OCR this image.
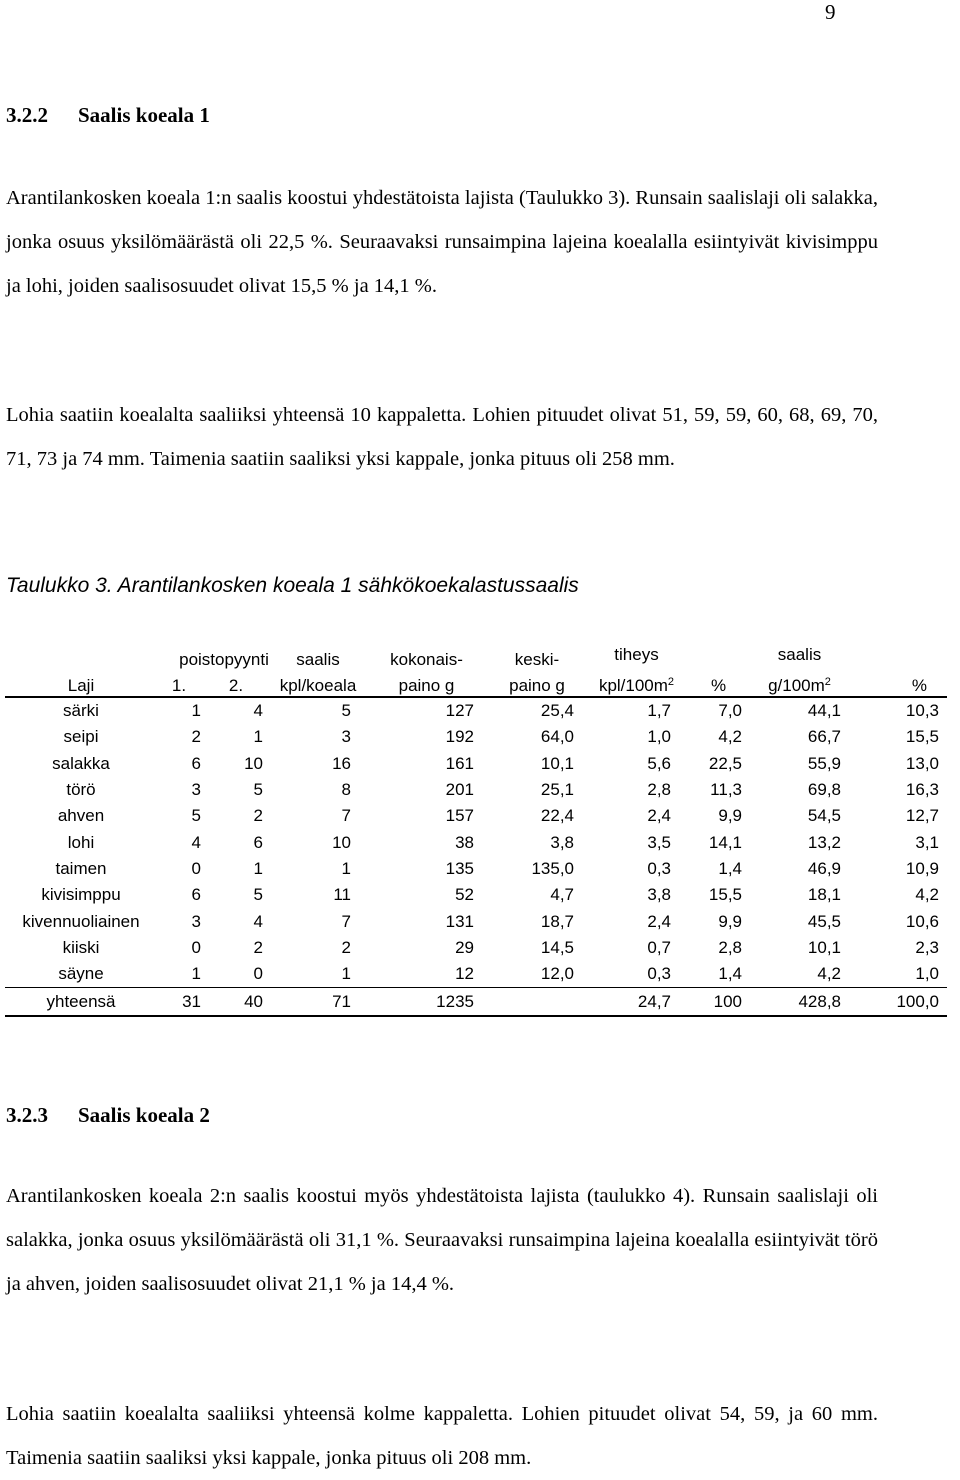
9
3.2.2 Saalis koeala 1

Arantilankosken koeala 1:n saalis koostui yhdestätoista lajista (Taulukko 3). Runsain saalislaji oli salakka, jonka osuus yksilömäärästä oli 22,5 %. Seuraavaksi runsaimpina lajeina koealalla esiintyivät kivisimppu ja lohi, joiden saalisosuudet olivat 15,5 % ja 14,1 %.

Lohia saatiin koealalta saaliiksi yhteensä 10 kappaletta. Lohien pituudet olivat 51, 59, 59, 60, 68, 69, 70, 71, 73 ja 74 mm. Taimenia saatiin saaliksi yksi kappale, jonka pituus oli 258 mm.

Taulukko 3. Arantilankosken koeala 1 sähkökoekalastussaalis
	poistopyynti		saalis	kokonais-	keski-	tiheys		saalis	
Laji	1.	2.	kpl/koeala	paino g	paino g	kpl/$100m^2$	%	$g/100m^2$	%
särki	1	4	5	127	25,4	1,7	7,0	44,1	10,3
seipi	2	1	3	192	64,0	1,0	4,2	66,7	15,5
salakka	6	10	16	161	10,1	5,6	22,5	55,9	13,0
törö	3	5	8	201	25,1	2,8	11,3	69,8	16,3
ahven	5	2	7	157	22,4	2,4	9,9	54,5	12,7
lohi	4	6	10	38	3,8	3,5	14,1	13,2	3,1
taimen	0	1	1	135	135,0	0,3	1,4	46,9	10,9
kivisimppu	6	5	11	52	4,7	3,8	15,5	18,1	4,2
kivennuoliainen	3	4	7	131	18,7	2,4	9,9	45,5	10,6
kiiski	0	2	2	29	14,5	0,7	2,8	10,1	2,3
säyne	1	0	1	12	12,0	0,3	1,4	4,2	1,0
yhteensä	31	40	71	1235		24,7	100	428,8	100,0
3.2.3 Saalis koeala 2

Arantilankosken koeala 2:n saalis koostui myös yhdestätoista lajista (taulukko 4). Runsain saalislaji oli salakka, jonka osuus yksilömäärästä oli 31,1 %. Seuraavaksi runsaimpina lajeina koealalla esiintyivät törö ja ahven, joiden saalisosuudet olivat 21,1 % ja 14,4 %.

Lohia saatiin koealalta saaliiksi yhteensä kolme kappaletta. Lohien pituudet olivat 54, 59, ja 60 mm. Taimenia saatiin saaliksi yksi kappale, jonka pituus oli 208 mm.
